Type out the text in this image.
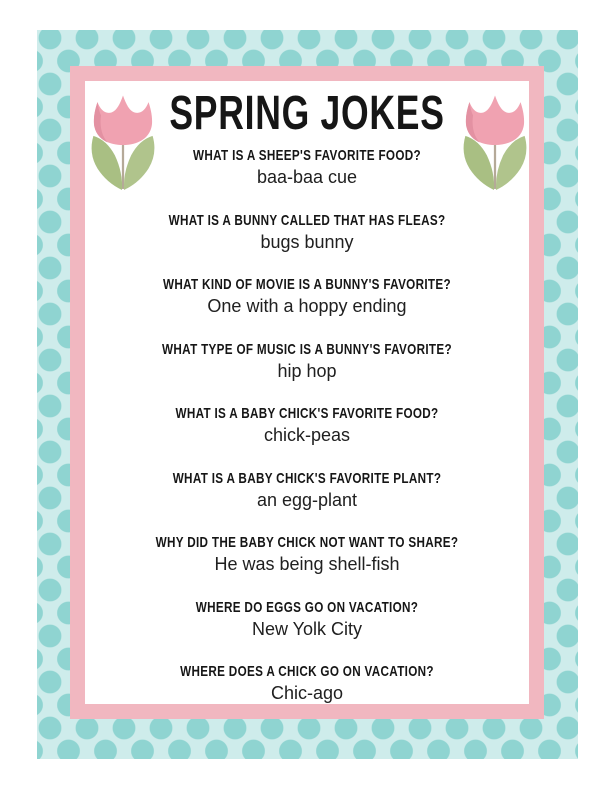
SPRING JOKES
WHAT IS A SHEEP'S FAVORITE FOOD?
baa-baa cue
WHAT IS A BUNNY CALLED THAT HAS FLEAS?
bugs bunny
WHAT KIND OF MOVIE IS A BUNNY'S FAVORITE?
One with a hoppy ending
WHAT TYPE OF MUSIC IS A BUNNY'S FAVORITE?
hip hop
WHAT IS A BABY CHICK'S FAVORITE FOOD?
chick-peas
WHAT IS A BABY CHICK'S FAVORITE PLANT?
an egg-plant
WHY DID THE BABY CHICK NOT WANT TO SHARE?
He was being shell-fish
WHERE DO EGGS GO ON VACATION?
New Yolk City
WHERE DOES A CHICK GO ON VACATION?
Chic-ago
